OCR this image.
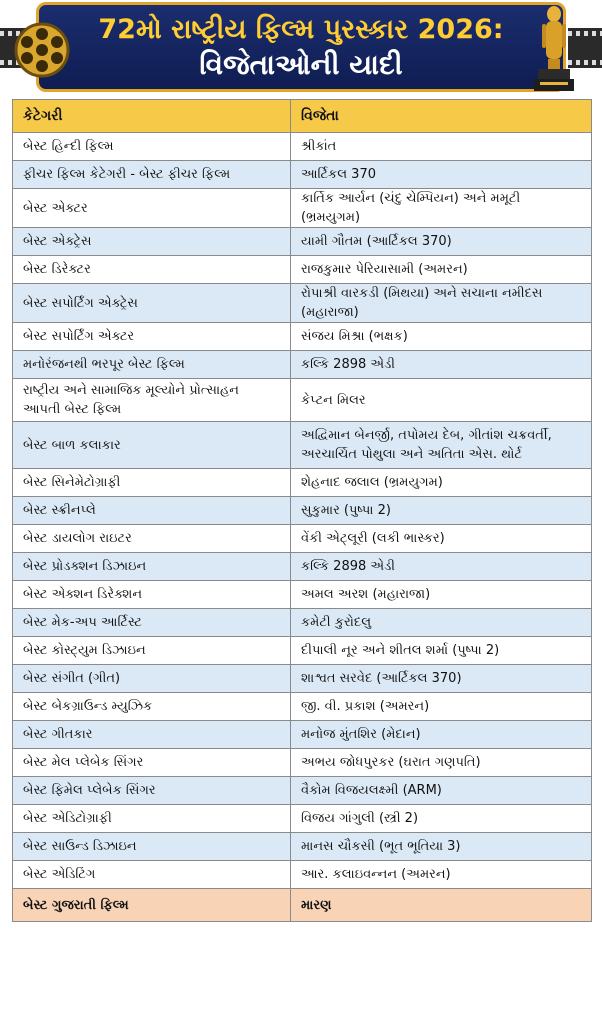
72મો રાષ્ટ્રીય ફિલ્મ પુરસ્કાર 2026:
વિજેતાઓની યાદી
કેટેગરી	વિજેતા
બેસ્ટ હિન્દી ફિલ્મ	શ્રીકાંત
ફીચર ફિલ્મ કેટેગરી - બેસ્ટ ફીચર ફિલ્મ	આર્ટિકલ 370
બેસ્ટ એક્ટર	કાર્તિક આર્યન (ચંદુ ચેમ્પિયન) અને મમૂટી (ભ્રમયુગમ)
બેસ્ટ એક્ટ્રેસ	યામી ગૌતમ (આર્ટિકલ 370)
બેસ્ટ ડિરેક્ટર	રાજકુમાર પેરિયાસામી (અમરન)
બેસ્ટ સપોર્ટિંગ એક્ટ્રેસ	રોપાશ્રી વારકડી (મિથયા) અને સચાના નમીદસ (મહારાજા)
બેસ્ટ સપોર્ટિંગ એક્ટર	સંજય મિશ્રા (ભક્ષક)
મનોરંજનથી ભરપૂર બેસ્ટ ફિલ્મ	કલ્કિ 2898 એડી
રાષ્ટ્રીય અને સામાજિક મૂલ્યોને પ્રોત્સાહન આપતી બેસ્ટ ફિલ્મ	કેપ્ટન મિલર
બેસ્ટ બાળ કલાકાર	અદ્વિમાન બેનર્જી, તપોમય દેબ, ગીતાંશ ચક્રવર્તી, અરચાર્ચિત પોથુલા અને અતિતા એસ. થોર્ટ
બેસ્ટ સિનેમેટોગ્રાફી	શેહનાદ જલાલ (ભ્રમયુગમ)
બેસ્ટ સ્ક્રીનપ્લે	સુકુમાર (પુષ્પા 2)
બેસ્ટ ડાયલોગ રાઇટર	વેંકી એટ્લૂરી (લકી ભાસ્કર)
બેસ્ટ પ્રોડક્શન ડિઝાઇન	કલ્કિ 2898 એડી
બેસ્ટ એક્શન ડિરેક્શન	અમલ અરશ (મહારાજા)
બેસ્ટ મેક-અપ આર્ટિસ્ટ	કમેટી કુરોદલુ
બેસ્ટ કોસ્ટ્યુમ ડિઝાઇન	દીપાલી નૂર અને શીતલ શર્મા (પુષ્પા 2)
બેસ્ટ સંગીત (ગીત)	શાશ્વત સરવેદ (આર્ટિકલ 370)
બેસ્ટ બેકગ્રાઉન્ડ મ્યુઝિક	જી. વી. પ્રકાશ (અમરન)
બેસ્ટ ગીતકાર	મનોજ મુંતશિર (મેદાન)
બેસ્ટ મેલ પ્લેબેક સિંગર	અભય જોધપુરકર (ઘરાત ગણપતિ)
બેસ્ટ ફિમેલ પ્લેબેક સિંગર	વૈકોમ વિજયલક્ષ્મી (ARM)
બેસ્ટ એડિટોગ્રાફી	વિજય ગાંગુલી (સ્ત્રી 2)
બેસ્ટ સાઉન્ડ ડિઝાઇન	માનસ ચૌકસી (ભૂત ભૂતિયા 3)
બેસ્ટ એડિટિંગ	આર. કલાઇવન્નન (અમરન)
બેસ્ટ ગુજરાતી ફિલ્મ	મારણ
